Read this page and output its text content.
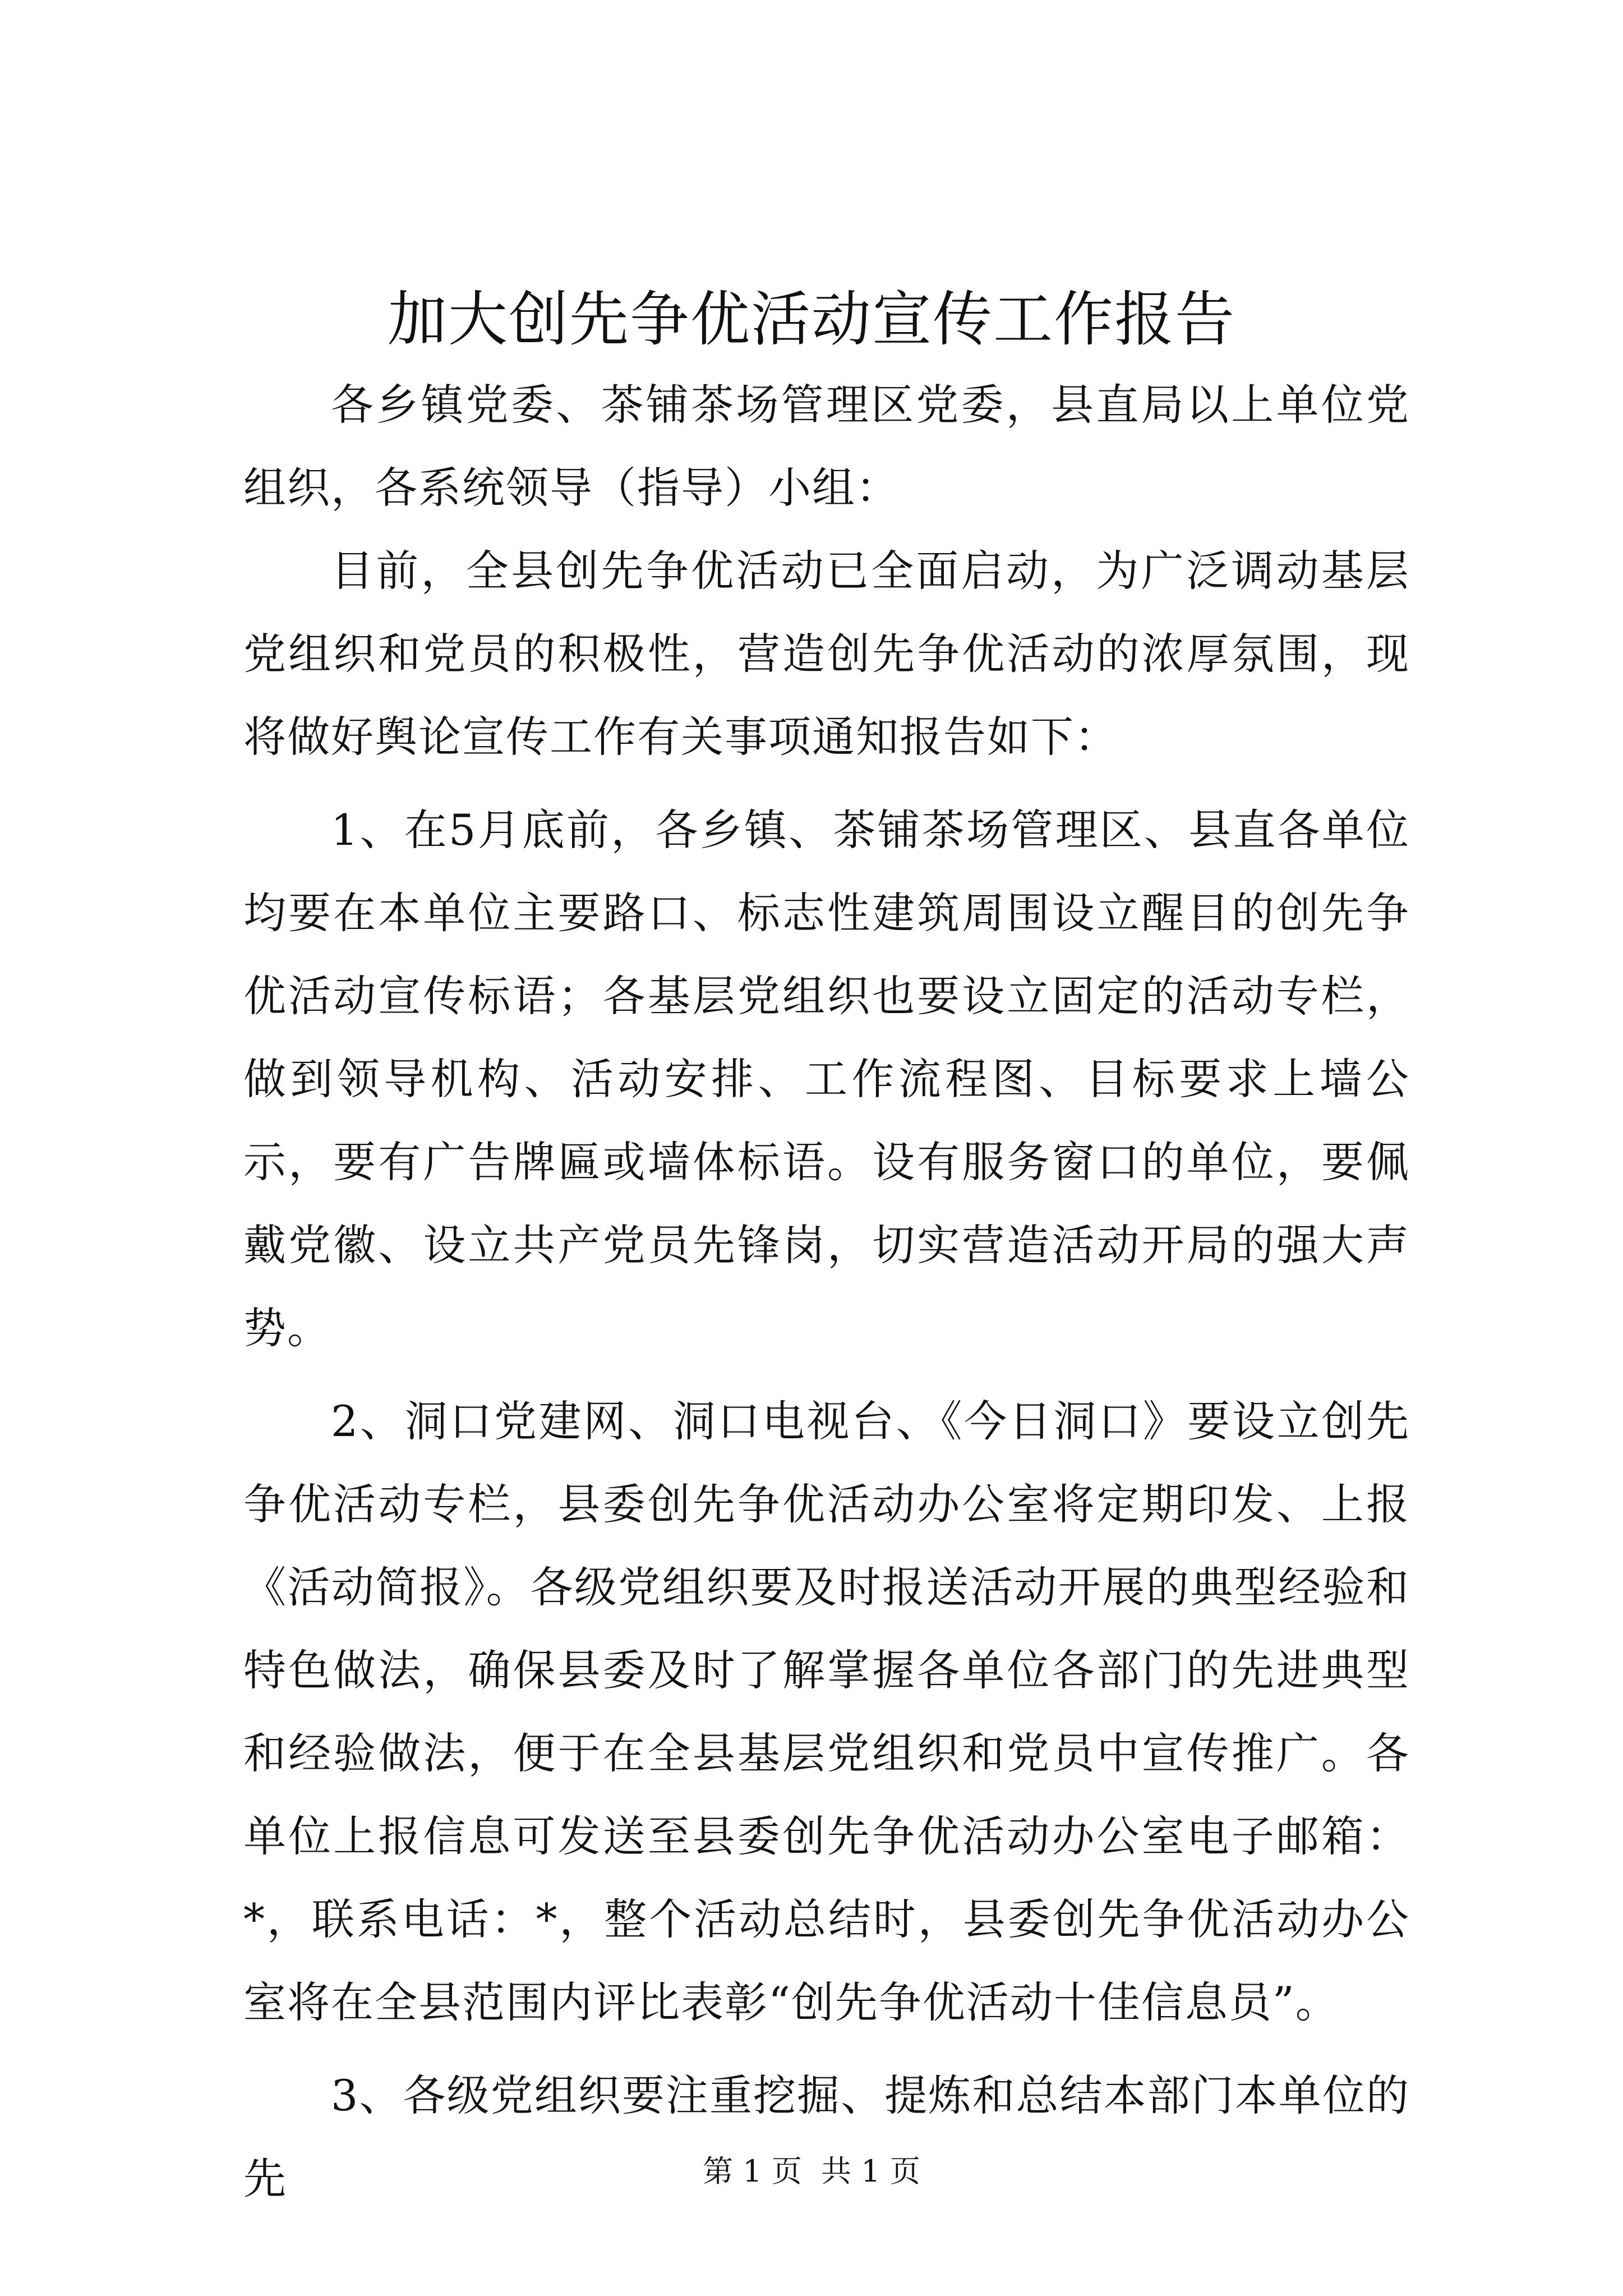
加大创先争优活动宣传工作报告

各乡镇党委、茶铺茶场管理区党委，县直局以上单位党组织，各系统领导（指导）小组：

目前，全县创先争优活动已全面启动，为广泛调动基层党组织和党员的积极性，营造创先争优活动的浓厚氛围，现将做好舆论宣传工作有关事项通知报告如下：

1、在5月底前，各乡镇、茶铺茶场管理区、县直各单位均要在本单位主要路口、标志性建筑周围设立醒目的创先争优活动宣传标语；各基层党组织也要设立固定的活动专栏，做到领导机构、活动安排、工作流程图、目标要求上墙公示，要有广告牌匾或墙体标语。设有服务窗口的单位，要佩戴党徽、设立共产党员先锋岗，切实营造活动开局的强大声势。

2、洞口党建网、洞口电视台、《今日洞口》要设立创先争优活动专栏，县委创先争优活动办公室将定期印发、上报《活动简报》。各级党组织要及时报送活动开展的典型经验和特色做法，确保县委及时了解掌握各单位各部门的先进典型和经验做法，便于在全县基层党组织和党员中宣传推广。各单位上报信息可发送至县委创先争优活动办公室电子邮箱：*，联系电话：*，整个活动总结时，县委创先争优活动办公室将在全县范围内评比表彰“创先争优活动十佳信息员”。

3、各级党组织要注重挖掘、提炼和总结本部门本单位的先	第 1 页  共 1 页
